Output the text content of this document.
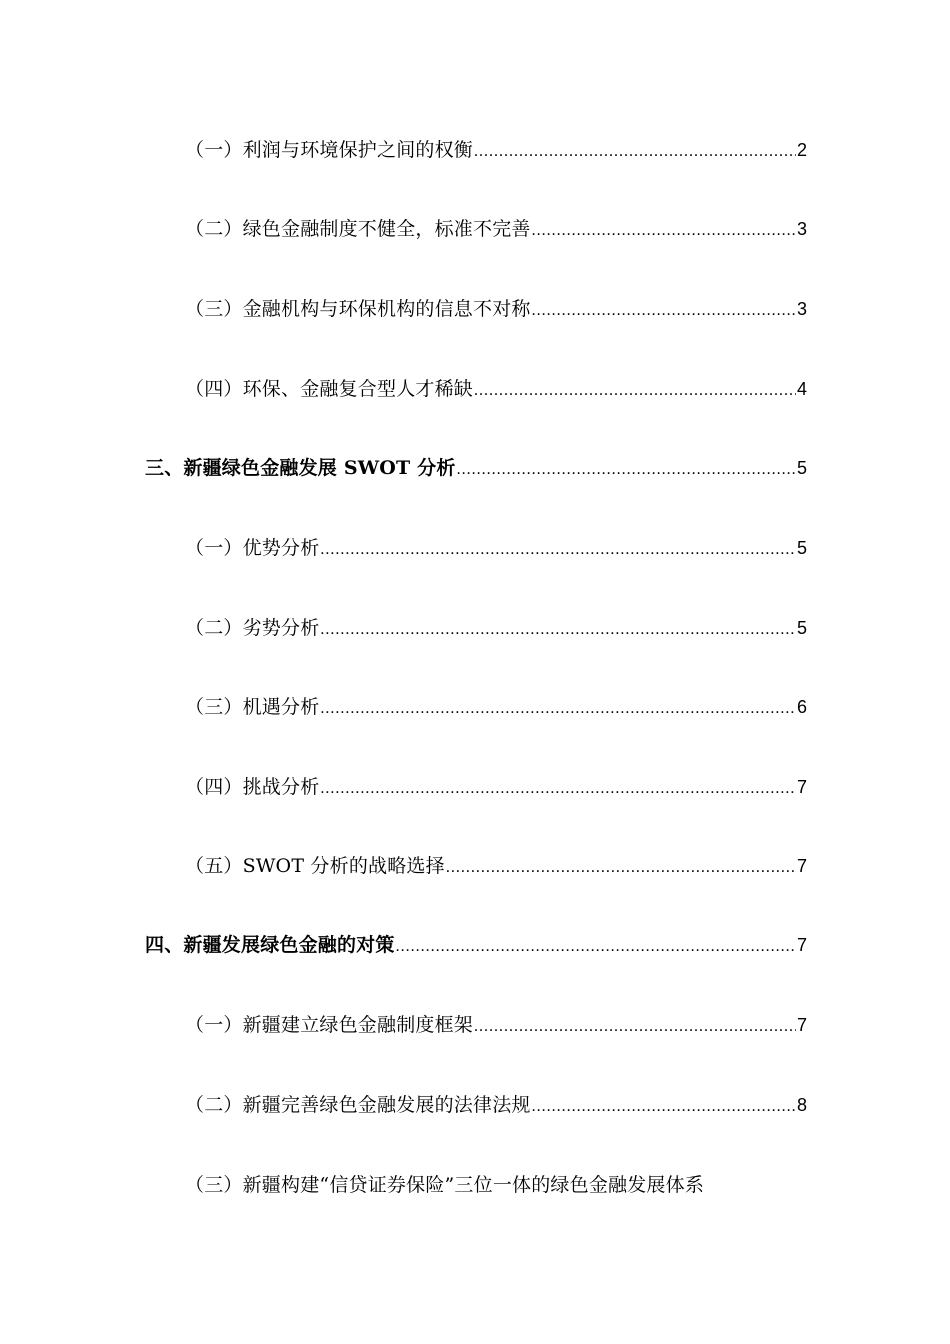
（一）利润与环境保护之间的权衡 .....	2
（二）绿色金融制度不健全，标准不完善 .....	3
（三）金融机构与环保机构的信息不对称 .....	3
（四）环保、金融复合型人才稀缺 .....	4
三、新疆绿色金融发展 SWOT 分析 .....	5
（一）优势分析 .....	5
（二）劣势分析 .....	5
（三）机遇分析 .....	6
（四）挑战分析 .....	7
（五）SWOT 分析的战略选择 .....	7
四、新疆发展绿色金融的对策 .....	7
（一）新疆建立绿色金融制度框架 .....	7
（二）新疆完善绿色金融发展的法律法规 .....	8
（三）新疆构建“信贷证券保险”三位一体的绿色金融发展体系
